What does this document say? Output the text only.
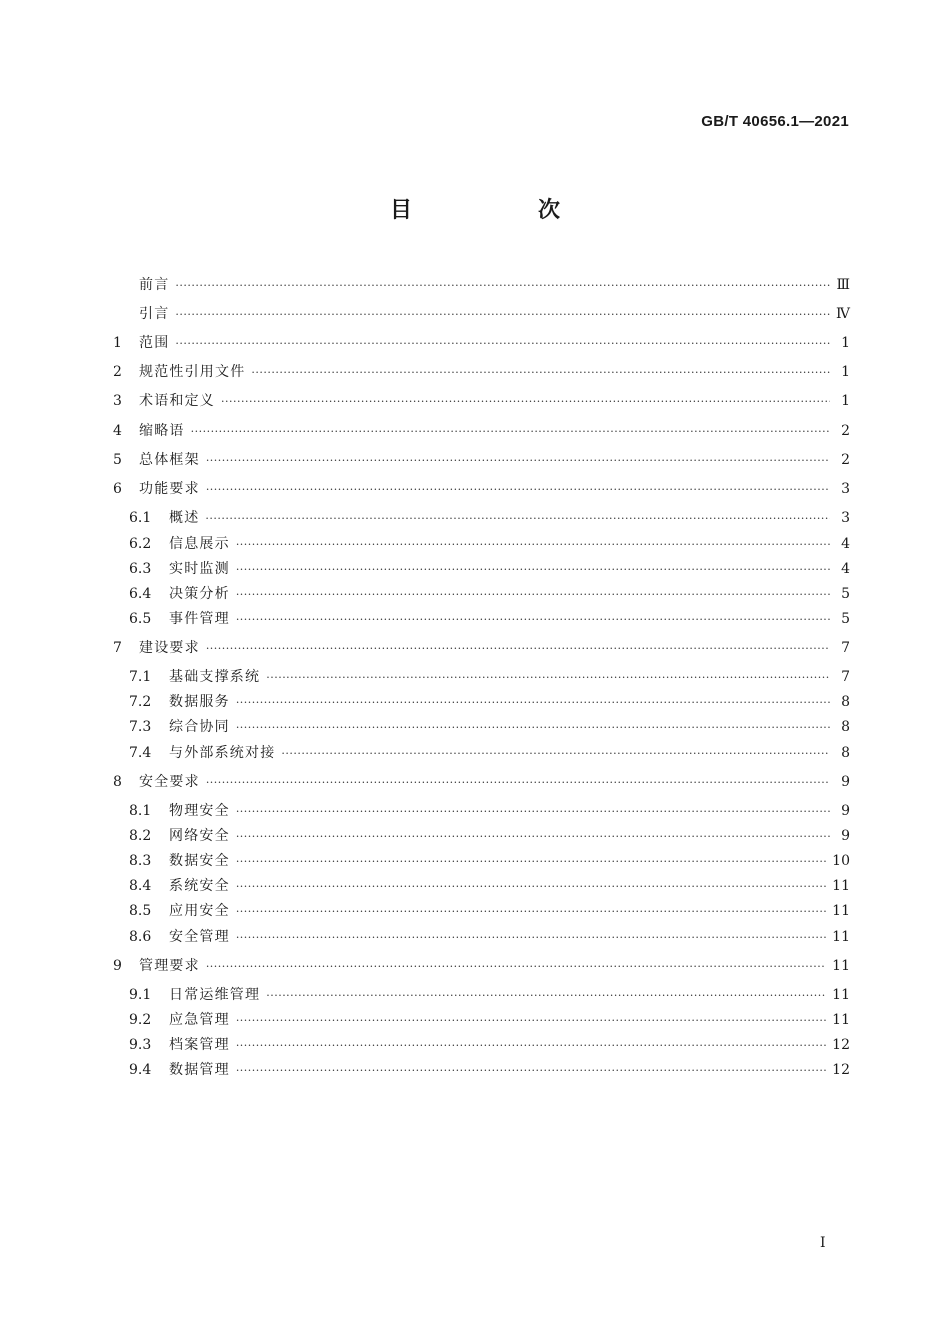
GB/T 40656.1—2021
目　次
前言 ·····	Ⅲ
引言 ·····	Ⅳ
1	范围 ·····	1
2	规范性引用文件 ·····	1
3	术语和定义 ·····	1
4	缩略语 ·····	2
5	总体框架 ·····	2
6	功能要求 ·····	3
6.1	概述 ·····	3
6.2	信息展示 ·····	4
6.3	实时监测 ·····	4
6.4	决策分析 ·····	5
6.5	事件管理 ·····	5
7	建设要求 ·····	7
7.1	基础支撑系统 ·····	7
7.2	数据服务 ·····	8
7.3	综合协同 ·····	8
7.4	与外部系统对接 ·····	8
8	安全要求 ·····	9
8.1	物理安全 ·····	9
8.2	网络安全 ·····	9
8.3	数据安全 ·····	10
8.4	系统安全 ·····	11
8.5	应用安全 ·····	11
8.6	安全管理 ·····	11
9	管理要求 ·····	11
9.1	日常运维管理 ·····	11
9.2	应急管理 ·····	11
9.3	档案管理 ·····	12
9.4	数据管理 ·····	12
Ⅰ
